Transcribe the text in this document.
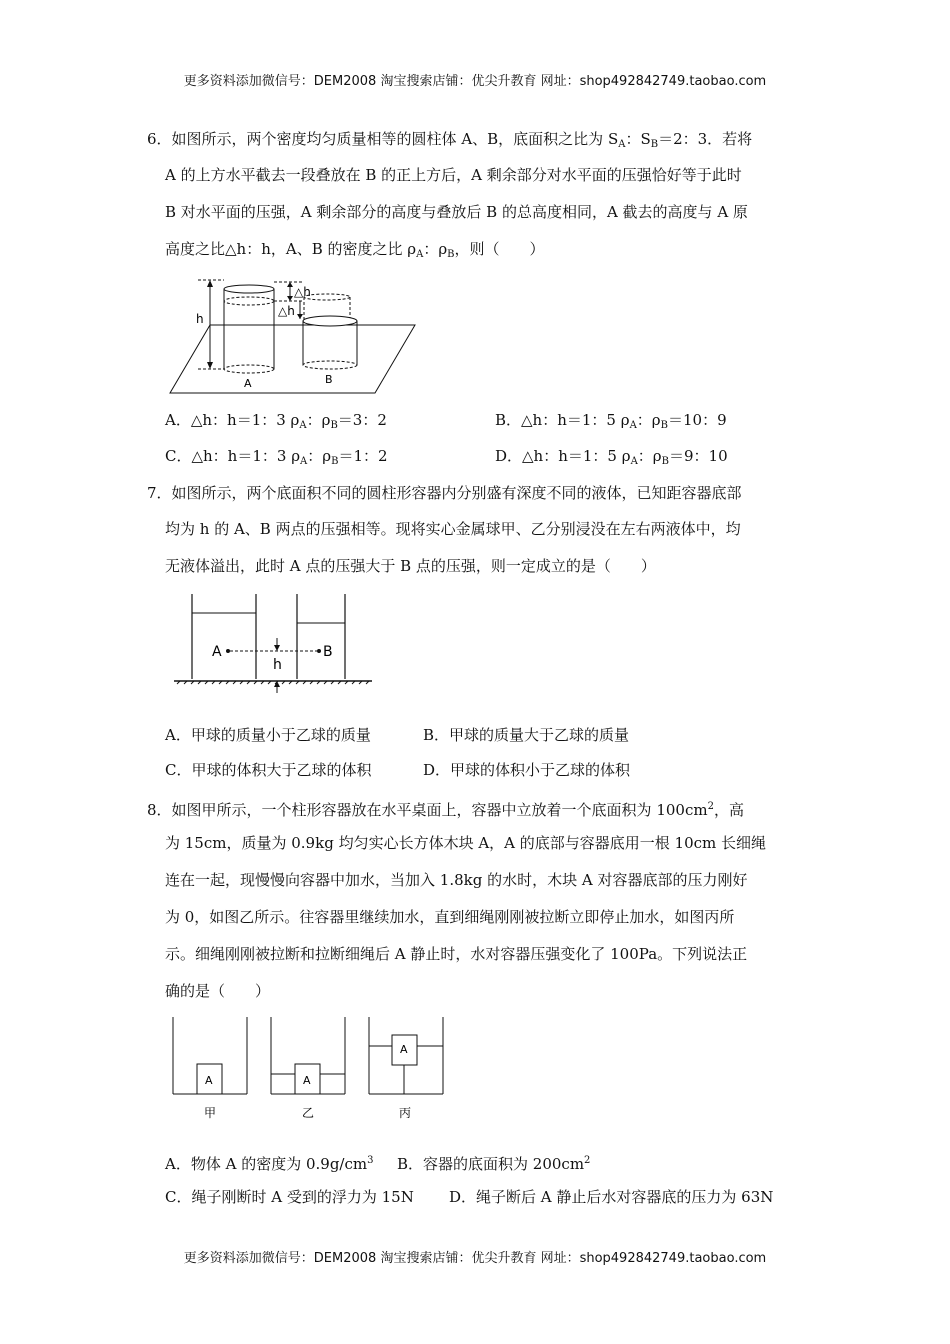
更多资料添加微信号：DEM2008 淘宝搜索店铺：优尖升教育 网址：shop492842749.taobao.com
6．如图所示，两个密度均匀质量相等的圆柱体 A、B，底面积之比为 $S_A$：$S_B=2$：3．若将
A 的上方水平截去一段叠放在 B 的正上方后，A 剩余部分对水平面的压强恰好等于此时
B 对水平面的压强，A 剩余部分的高度与叠放后 B 的总高度相同，A 截去的高度与 A 原
高度之比△h：h，A、B 的密度之比 $\rho_A$：$\rho_B$，则（　　）
h
△h
△h
A	B
A．△h：h＝1：3 $\rho_A$：$\rho_B=3$：2	B．△h：h＝1：5 $\rho_A$：$\rho_B=10$：9
C．△h：h＝1：3 $\rho_A$：$\rho_B=1$：2	D．△h：h＝1：5 $\rho_A$：$\rho_B=9$：10
7．如图所示，两个底面积不同的圆柱形容器内分别盛有深度不同的液体，已知距容器底部
均为 h 的 A、B 两点的压强相等。现将实心金属球甲、乙分别浸没在左右两液体中，均
无液体溢出，此时 A 点的压强大于 B 点的压强，则一定成立的是（　　）
A	B
h
A．甲球的质量小于乙球的质量	B．甲球的质量大于乙球的质量
C．甲球的体积大于乙球的体积	D．甲球的体积小于乙球的体积
8．如图甲所示，一个柱形容器放在水平桌面上，容器中立放着一个底面积为 $100cm^2$，高
为 15cm，质量为 0.9kg 均匀实心长方体木块 A，A 的底部与容器底用一根 10cm 长细绳
连在一起，现慢慢向容器中加水，当加入 1.8kg 的水时，木块 A 对容器底部的压力刚好
为 0，如图乙所示。往容器里继续加水，直到细绳刚刚被拉断立即停止加水，如图丙所
示。细绳刚刚被拉断和拉断细绳后 A 静止时，水对容器压强变化了 100Pa。下列说法正
确的是（　　）
A
甲
A
乙
A
丙
A．物体 A 的密度为 $0.9g/cm^3$ B．容器的底面积为 $200cm^2$
C．绳子刚断时 A 受到的浮力为 15N D．绳子断后 A 静止后水对容器底的压力为 63N
更多资料添加微信号：DEM2008 淘宝搜索店铺：优尖升教育 网址：shop492842749.taobao.com
